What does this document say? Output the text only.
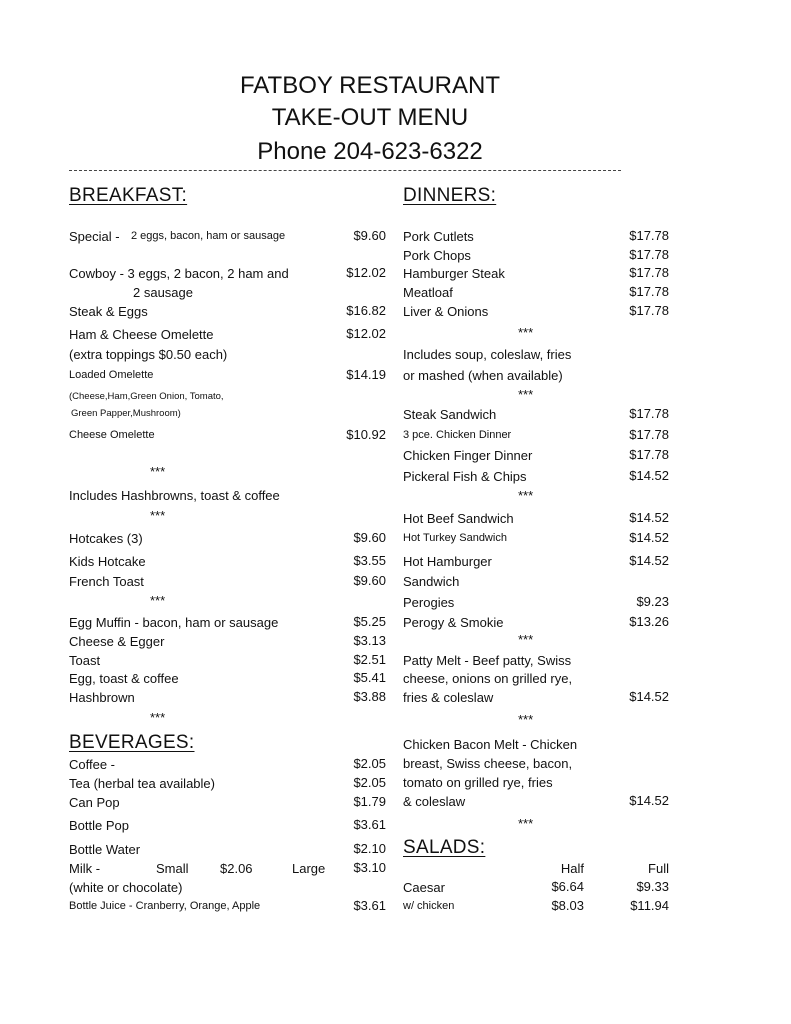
FATBOY RESTAURANT
TAKE-OUT MENU
Phone 204-623-6322
BREAKFAST:
Special - 2 eggs, bacon, ham or sausage	$9.60
Cowboy - 3 eggs, 2 bacon, 2 ham and	$12.02
2 sausage
Steak & Eggs	$16.82
Ham & Cheese Omelette	$12.02
(extra toppings $0.50 each)
Loaded Omelette	$14.19
(Cheese,Ham,Green Onion, Tomato,
Green Papper,Mushroom)
Cheese Omelette	$10.92
***
Includes Hashbrowns, toast & coffee
***
Hotcakes (3)	$9.60
Kids Hotcake	$3.55
French Toast	$9.60
***
Egg Muffin - bacon, ham or sausage	$5.25
Cheese & Egger	$3.13
Toast	$2.51
Egg, toast & coffee	$5.41
Hashbrown	$3.88
***
BEVERAGES:
Coffee -	$2.05
Tea (herbal tea available)	$2.05
Can Pop	$1.79
Bottle Pop	$3.61
Bottle Water	$2.10
Milk -	Small $2.06	Large $3.10
(white or chocolate)
Bottle Juice - Cranberry, Orange, Apple	$3.61
DINNERS:
Pork Cutlets	$17.78
Pork Chops	$17.78
Hamburger Steak	$17.78
Meatloaf	$17.78
Liver & Onions	$17.78
***
Includes soup, coleslaw, fries
or mashed (when available)
***
Steak Sandwich	$17.78
3 pce. Chicken Dinner	$17.78
Chicken Finger Dinner	$17.78
Pickeral Fish & Chips	$14.52
***
Hot Beef Sandwich	$14.52
Hot Turkey Sandwich	$14.52
Hot Hamburger	$14.52
Sandwich
Perogies	$9.23
Perogy & Smokie	$13.26
***
Patty Melt - Beef patty, Swiss
cheese, onions on grilled rye,
fries & coleslaw	$14.52
***
Chicken Bacon Melt - Chicken
breast, Swiss cheese, bacon,
tomato on grilled rye, fries
& coleslaw	$14.52
***
SALADS:
Half	Full
Caesar	$6.64	$9.33
w/ chicken	$8.03	$11.94
